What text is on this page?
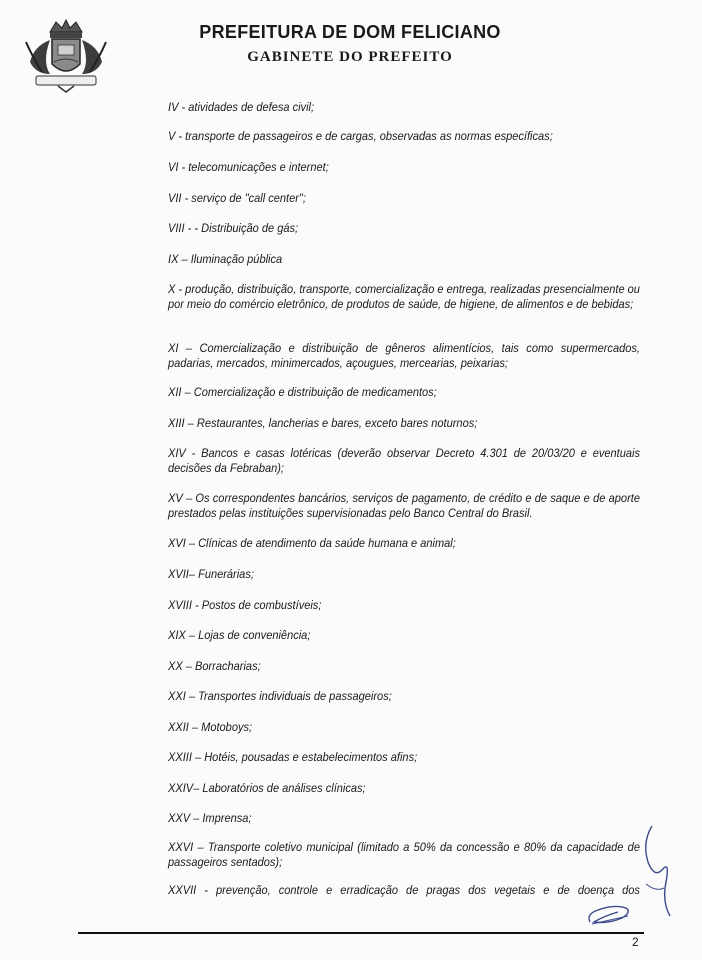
PREFEITURA DE DOM FELICIANO
GABINETE DO PREFEITO
IV - atividades de defesa civil;
V - transporte de passageiros e de cargas, observadas as normas específicas;
VI - telecomunicações e internet;
VII - serviço de "call center";
VIII - - Distribuição de gás;
IX – Iluminação pública
X - produção, distribuição, transporte, comercialização e entrega, realizadas presencialmente ou por meio do comércio eletrônico, de produtos de saúde, de higiene, de alimentos e de bebidas;
XI – Comercialização e distribuição de gêneros alimentícios, tais como supermercados, padarias, mercados, minimercados, açougues, mercearias, peixarias;
XII – Comercialização e distribuição de medicamentos;
XIII – Restaurantes, lancherias e bares, exceto bares noturnos;
XIV - Bancos e casas lotéricas (deverão observar Decreto 4.301 de 20/03/20 e eventuais decisões da Febraban);
XV – Os correspondentes bancários, serviços de pagamento, de crédito e de saque e de aporte prestados pelas instituições supervisionadas pelo Banco Central do Brasil.
XVI – Clínicas de atendimento da saúde humana e animal;
XVII– Funerárias;
XVIII - Postos de combustíveis;
XIX – Lojas de conveniência;
XX – Borracharias;
XXI – Transportes individuais de passageiros;
XXII – Motoboys;
XXIII – Hotéis, pousadas e estabelecimentos afins;
XXIV– Laboratórios de análises clínicas;
XXV – Imprensa;
XXVI – Transporte coletivo municipal (limitado a 50% da concessão e 80% da capacidade de passageiros sentados);
XXVII - prevenção, controle e erradicação de pragas dos vegetais e de doença dos
2
